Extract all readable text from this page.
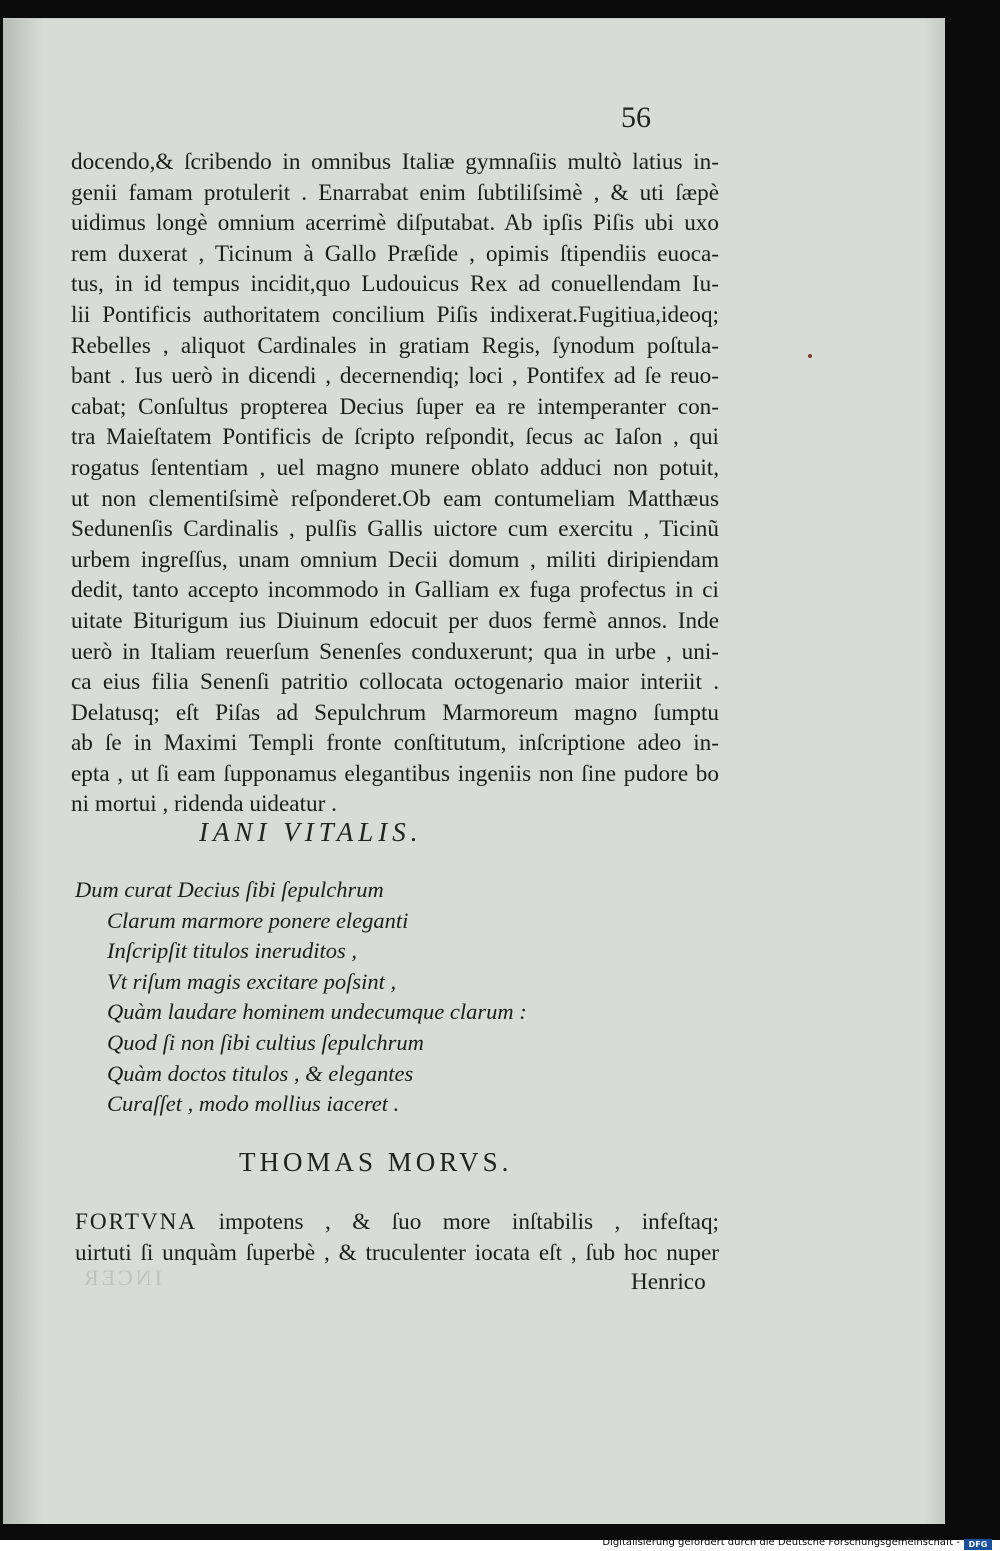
56
docendo,& ſcribendo in omnibus Italiæ gymnaſiis multò latius in-
genii famam protulerit . Enarrabat enim ſubtiliſsimè , & uti ſæpè
uidimus longè omnium acerrimè diſputabat. Ab ipſis Piſis ubi uxo
rem duxerat , Ticinum à Gallo Præſide , opimis ſtipendiis euoca-
tus, in id tempus incidit,quo Ludouicus Rex ad conuellendam Iu-
lii Pontificis authoritatem concilium Piſis indixerat.Fugitiua,ideoq;
Rebelles , aliquot Cardinales in gratiam Regis, ſynodum poſtula-
bant . Ius uerò in dicendi , decernendiq; loci , Pontifex ad ſe reuo-
cabat; Conſultus propterea Decius ſuper ea re intemperanter con-
tra Maieſtatem Pontificis de ſcripto reſpondit, ſecus ac Iaſon , qui
rogatus ſententiam , uel magno munere oblato adduci non potuit,
ut non clementiſsimè reſponderet.Ob eam contumeliam Matthæus
Sedunenſis Cardinalis , pulſis Gallis uictore cum exercitu , Ticinũ
urbem ingreſſus, unam omnium Decii domum , militi diripiendam
dedit, tanto accepto incommodo in Galliam ex fuga profectus in ci
uitate Biturigum ius Diuinum edocuit per duos fermè annos. Inde
uerò in Italiam reuerſum Senenſes conduxerunt; qua in urbe , uni-
ca eius filia Senenſi patritio collocata octogenario maior interiit .
Delatusq; eſt Piſas ad Sepulchrum Marmoreum magno ſumptu
ab ſe in Maximi Templi fronte conſtitutum, inſcriptione adeo in-
epta , ut ſi eam ſupponamus elegantibus ingeniis non ſine pudore bo
ni mortui , ridenda uideatur .
IANI VITALIS.
Dum curat Decius ſibi ſepulchrum
Clarum marmore ponere eleganti
Inſcripſit titulos ineruditos ,
Vt riſum magis excitare poſsint ,
Quàm laudare hominem undecumque clarum :
Quod ſi non ſibi cultius ſepulchrum
Quàm doctos titulos , & elegantes
Curaſſet , modo mollius iaceret .
THOMAS MORVS.
FORTVNA impotens , & ſuo more inſtabilis , infeſtaq;
uirtuti ſi unquàm ſuperbè , & truculenter iocata eſt , ſub hoc nuper
INCER	Henrico
Digitalisierung gefördert durch die Deutsche Forschungsgemeinschaft -	DFG
